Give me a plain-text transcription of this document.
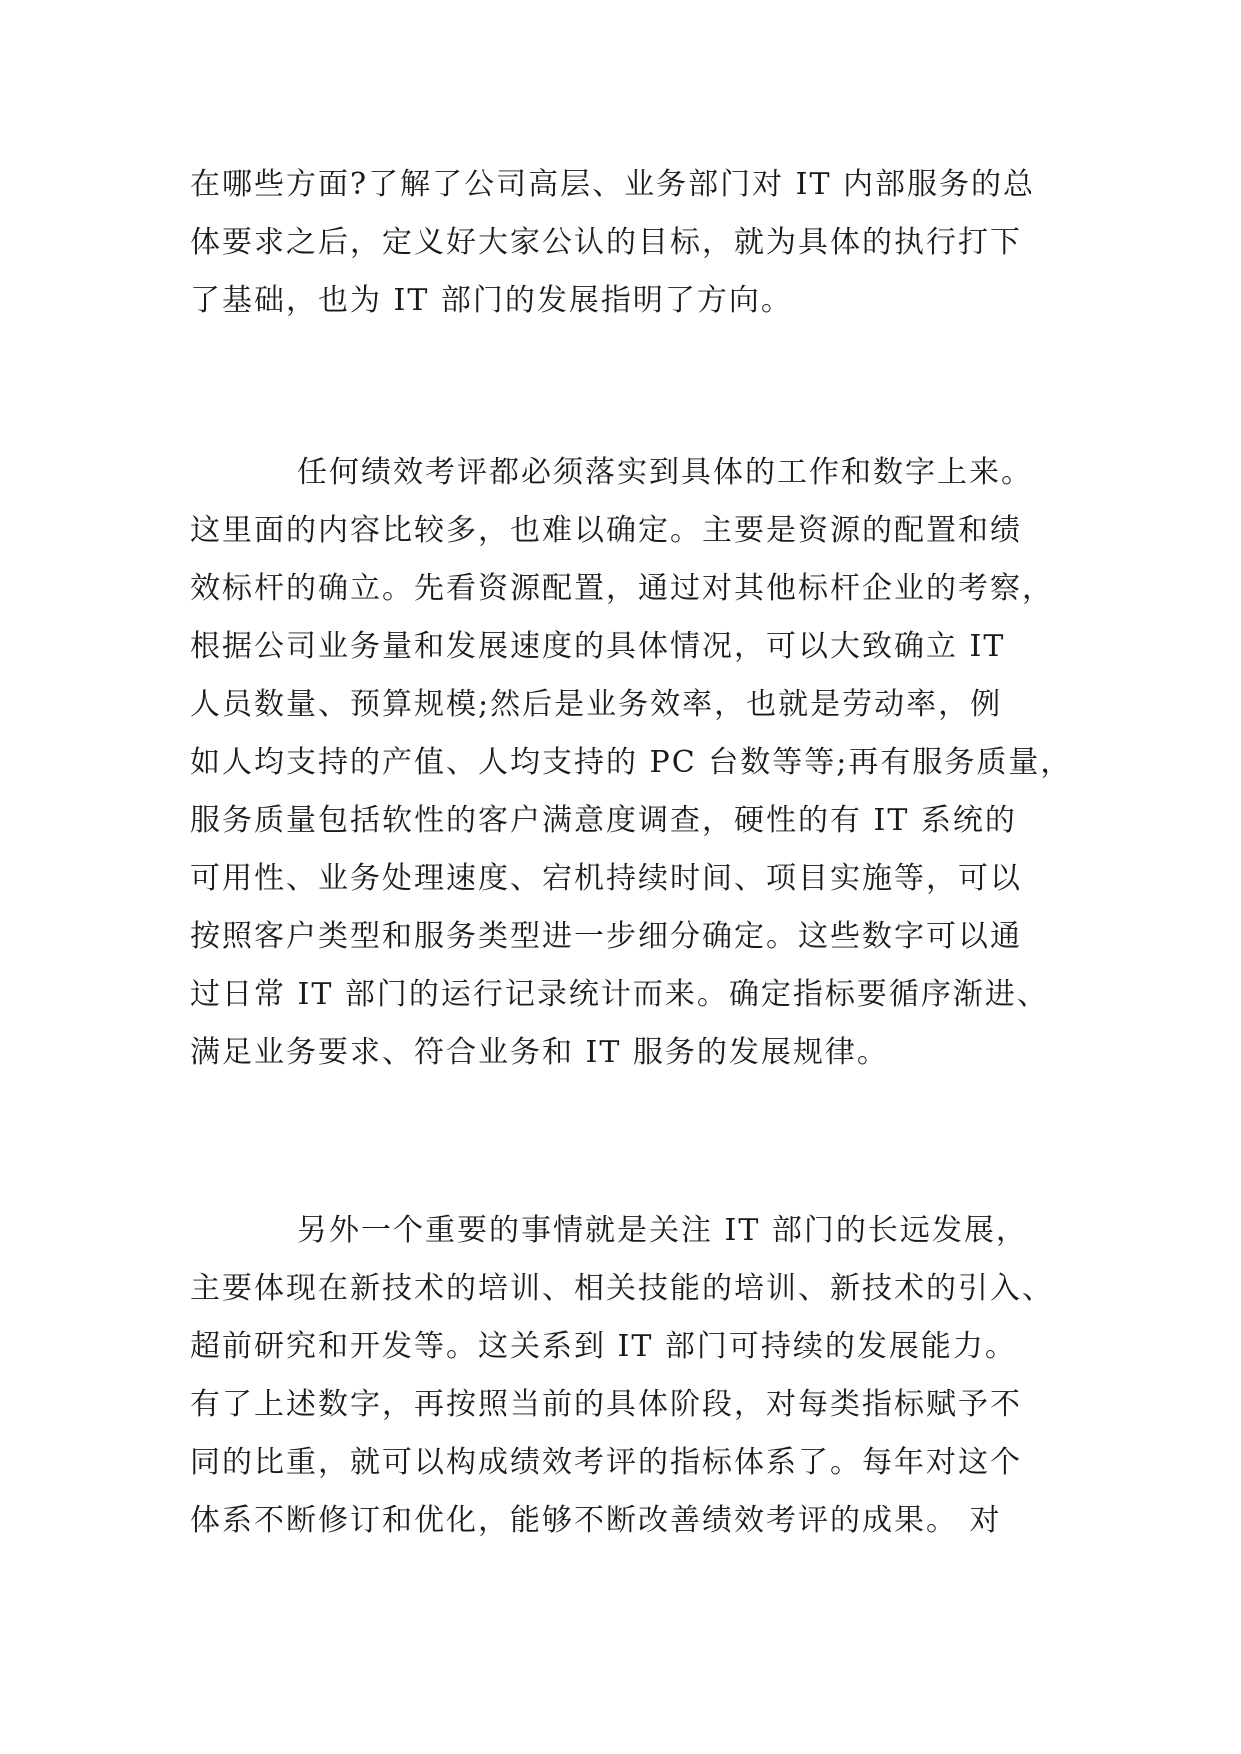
在哪些方面?了解了公司高层、业务部门对 IT 内部服务的总
体要求之后，定义好大家公认的目标，就为具体的执行打下
了基础，也为 IT 部门的发展指明了方向。
任何绩效考评都必须落实到具体的工作和数字上来。
这里面的内容比较多，也难以确定。主要是资源的配置和绩
效标杆的确立。先看资源配置，通过对其他标杆企业的考察，
根据公司业务量和发展速度的具体情况，可以大致确立 IT
人员数量、预算规模;然后是业务效率，也就是劳动率，例
如人均支持的产值、人均支持的 PC 台数等等;再有服务质量，
服务质量包括软性的客户满意度调查，硬性的有 IT 系统的
可用性、业务处理速度、宕机持续时间、项目实施等，可以
按照客户类型和服务类型进一步细分确定。这些数字可以通
过日常 IT 部门的运行记录统计而来。确定指标要循序渐进、
满足业务要求、符合业务和 IT 服务的发展规律。
另外一个重要的事情就是关注 IT 部门的长远发展，
主要体现在新技术的培训、相关技能的培训、新技术的引入、
超前研究和开发等。这关系到 IT 部门可持续的发展能力。
有了上述数字，再按照当前的具体阶段，对每类指标赋予不
同的比重，就可以构成绩效考评的指标体系了。每年对这个
体系不断修订和优化，能够不断改善绩效考评的成果。 对
